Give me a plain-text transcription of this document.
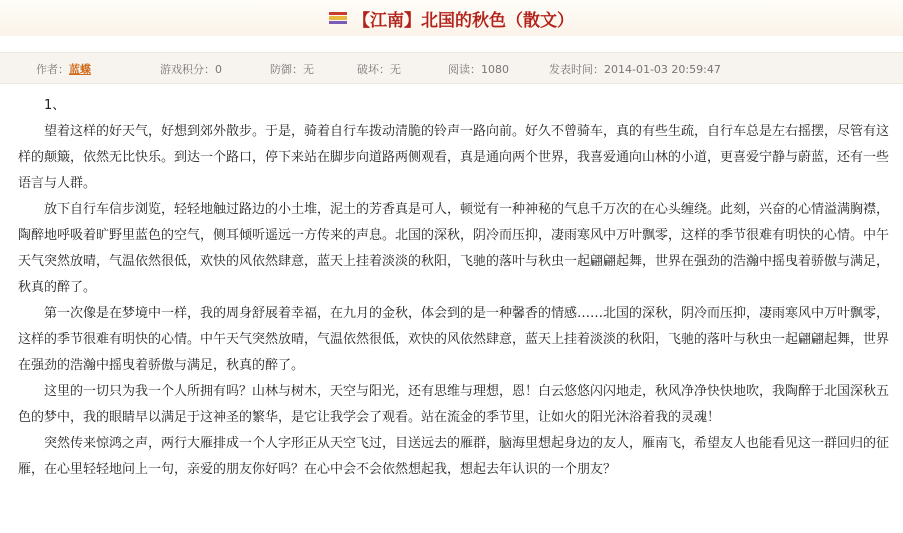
【江南】北国的秋色（散文）
作者：蓝蝶	游戏积分：0	防御：无	破坏：无	阅读：1080	发表时间：2014-01-03 20:59:47

1、

望着这样的好天气，好想到郊外散步。于是，骑着自行车拨动清脆的铃声一路向前。好久不曾骑车，真的有些生疏，自行车总是左右摇摆，尽管有这样的颠簸，依然无比快乐。到达一个路口，停下来站在脚步向道路两侧观看，真是通向两个世界，我喜爱通向山林的小道，更喜爱宁静与蔚蓝，还有一些语言与人群。

放下自行车信步浏览，轻轻地触过路边的小土堆，泥土的芳香真是可人，顿觉有一种神秘的气息千万次的在心头缠绕。此刻，兴奋的心情溢满胸襟，陶醉地呼吸着旷野里蓝色的空气，侧耳倾听遥远一方传来的声息。北国的深秋，阴冷而压抑，凄雨寒风中万叶飘零，这样的季节很难有明快的心情。中午天气突然放晴，气温依然很低，欢快的风依然肆意，蓝天上挂着淡淡的秋阳，飞驰的落叶与秋虫一起翩翩起舞，世界在强劲的浩瀚中摇曳着骄傲与满足，秋真的醉了。

第一次像是在梦境中一样，我的周身舒展着幸福，在九月的金秋，体会到的是一种馨香的情感……北国的深秋，阴冷而压抑，凄雨寒风中万叶飘零，这样的季节很难有明快的心情。中午天气突然放晴，气温依然很低，欢快的风依然肆意，蓝天上挂着淡淡的秋阳，飞驰的落叶与秋虫一起翩翩起舞，世界在强劲的浩瀚中摇曳着骄傲与满足，秋真的醉了。

这里的一切只为我一个人所拥有吗？山林与树木，天空与阳光，还有思维与理想，恩！白云悠悠闪闪地走，秋风净净快快地吹，我陶醉于北国深秋五色的梦中，我的眼睛早以满足于这神圣的繁华，是它让我学会了观看。站在流金的季节里，让如火的阳光沐浴着我的灵魂！

突然传来惊鸿之声，两行大雁排成一个人字形正从天空飞过，目送远去的雁群，脑海里想起身边的友人，雁南飞，希望友人也能看见这一群回归的征雁，在心里轻轻地问上一句，亲爱的朋友你好吗？在心中会不会依然想起我，想起去年认识的一个朋友？
